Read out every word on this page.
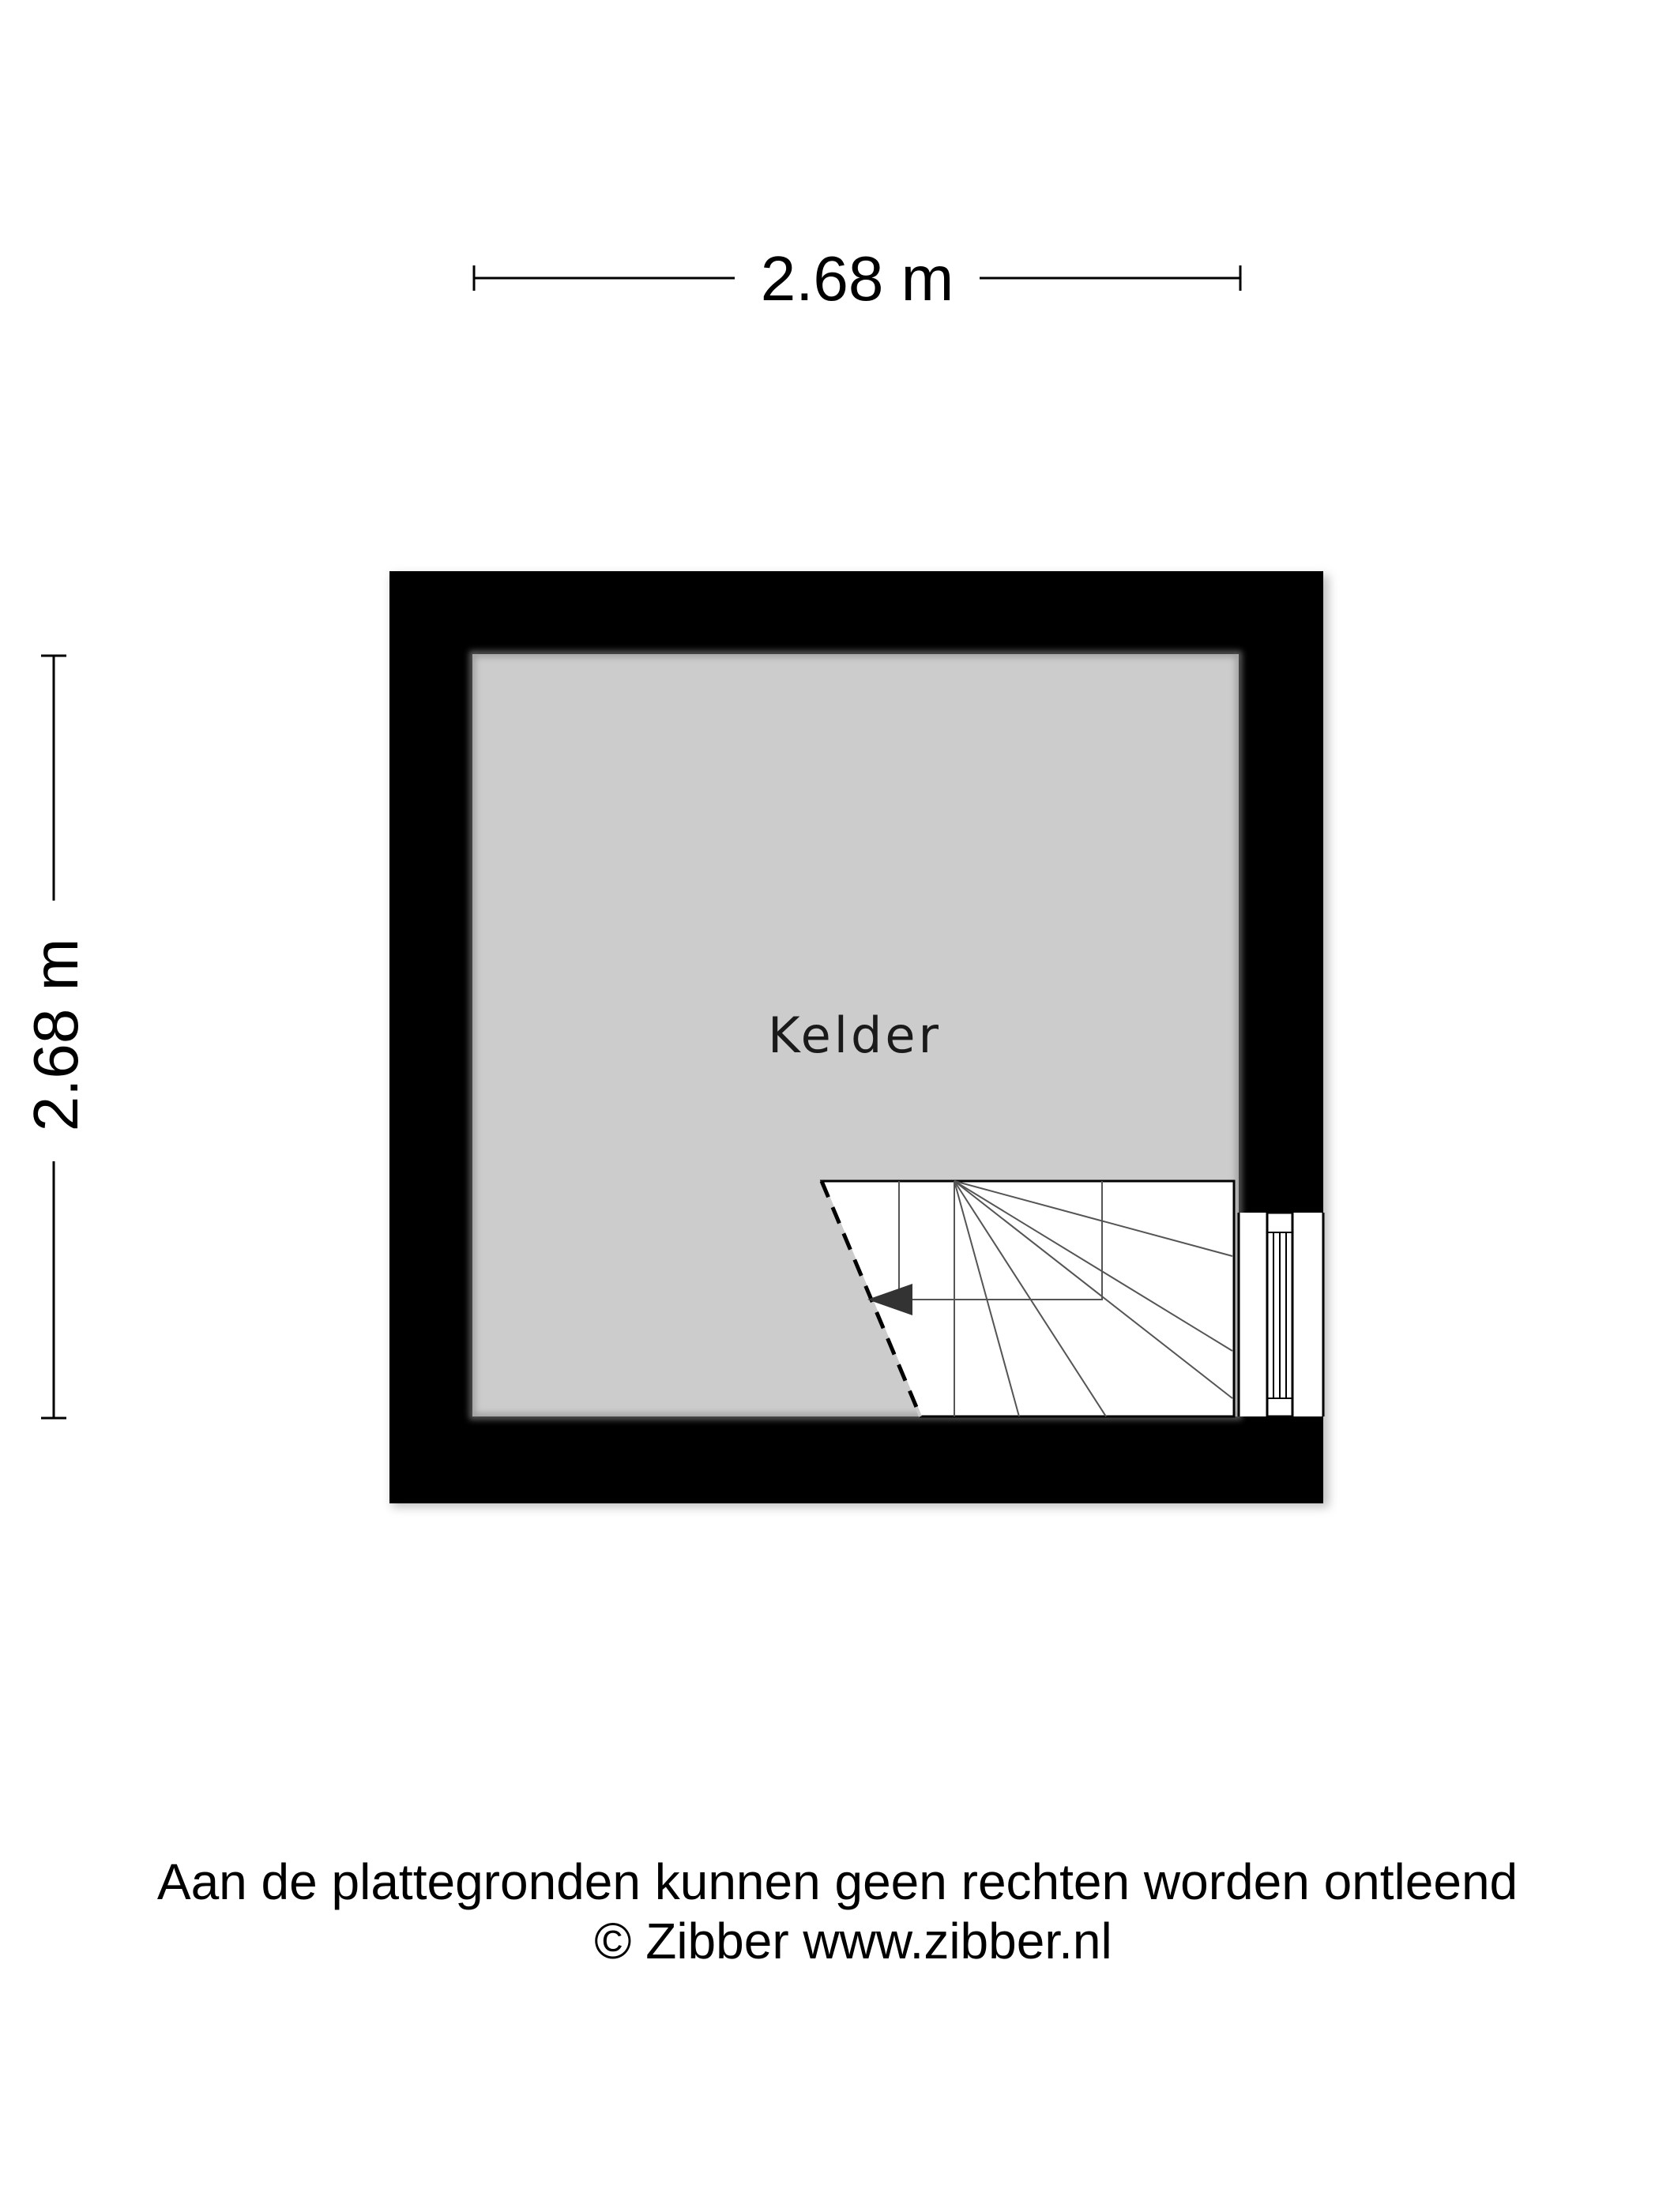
2.68 m
2.68 m	Kelder
Aan de plattegronden kunnen geen rechten worden ontleend
© Zibber www.zibber.nl
